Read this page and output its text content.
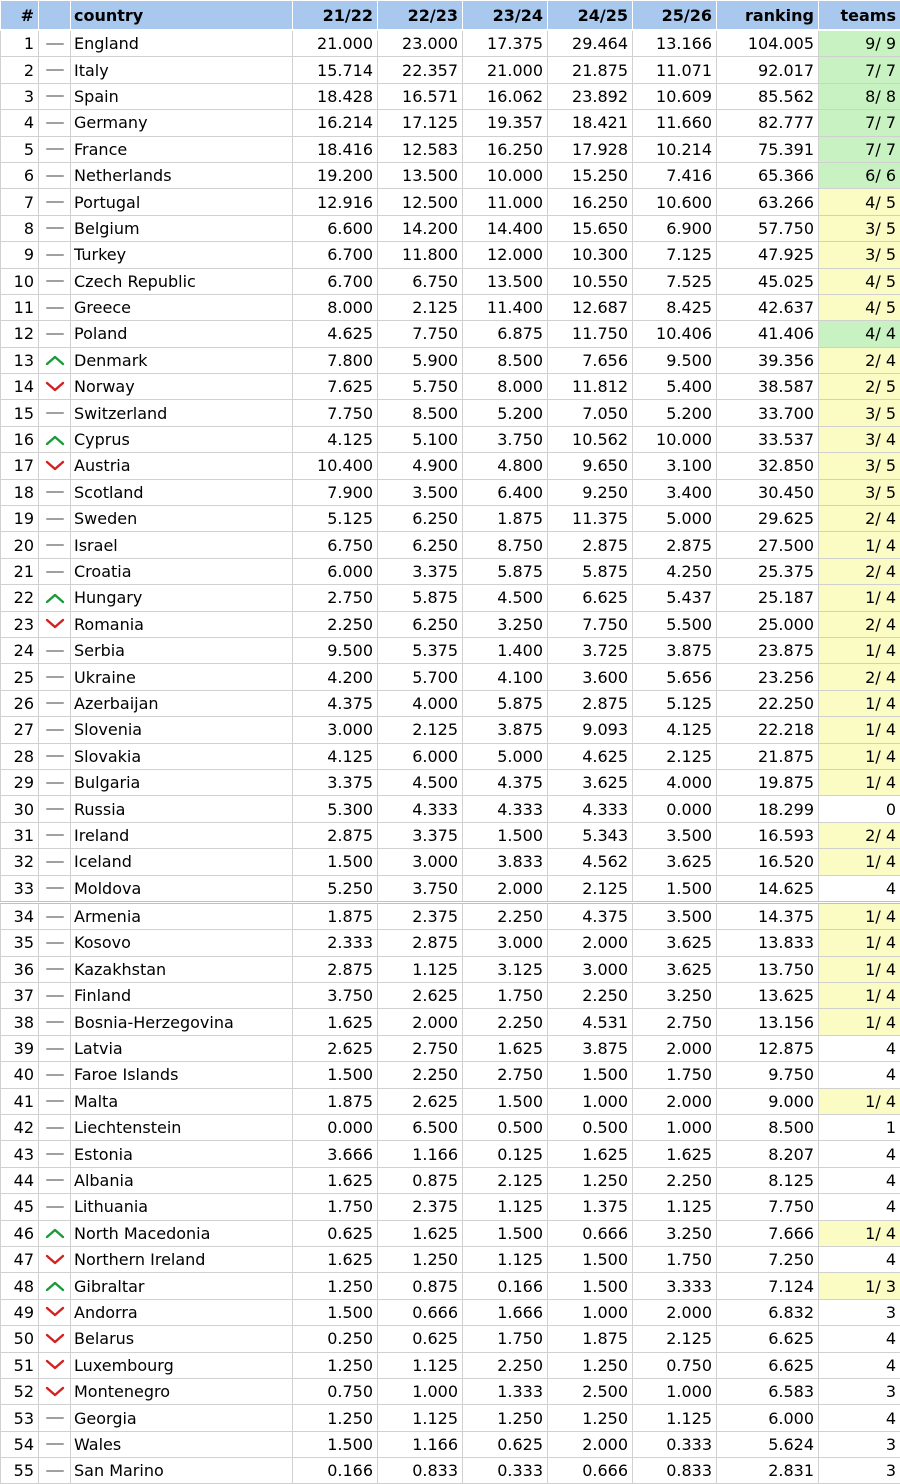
#		country	21/22	22/23	23/24	24/25	25/26	ranking	teams
1		England	21.000	23.000	17.375	29.464	13.166	104.005	9/ 9
2		Italy	15.714	22.357	21.000	21.875	11.071	92.017	7/ 7
3		Spain	18.428	16.571	16.062	23.892	10.609	85.562	8/ 8
4		Germany	16.214	17.125	19.357	18.421	11.660	82.777	7/ 7
5		France	18.416	12.583	16.250	17.928	10.214	75.391	7/ 7
6		Netherlands	19.200	13.500	10.000	15.250	7.416	65.366	6/ 6
7		Portugal	12.916	12.500	11.000	16.250	10.600	63.266	4/ 5
8		Belgium	6.600	14.200	14.400	15.650	6.900	57.750	3/ 5
9		Turkey	6.700	11.800	12.000	10.300	7.125	47.925	3/ 5
10		Czech Republic	6.700	6.750	13.500	10.550	7.525	45.025	4/ 5
11		Greece	8.000	2.125	11.400	12.687	8.425	42.637	4/ 5
12		Poland	4.625	7.750	6.875	11.750	10.406	41.406	4/ 4
13		Denmark	7.800	5.900	8.500	7.656	9.500	39.356	2/ 4
14		Norway	7.625	5.750	8.000	11.812	5.400	38.587	2/ 5
15		Switzerland	7.750	8.500	5.200	7.050	5.200	33.700	3/ 5
16		Cyprus	4.125	5.100	3.750	10.562	10.000	33.537	3/ 4
17		Austria	10.400	4.900	4.800	9.650	3.100	32.850	3/ 5
18		Scotland	7.900	3.500	6.400	9.250	3.400	30.450	3/ 5
19		Sweden	5.125	6.250	1.875	11.375	5.000	29.625	2/ 4
20		Israel	6.750	6.250	8.750	2.875	2.875	27.500	1/ 4
21		Croatia	6.000	3.375	5.875	5.875	4.250	25.375	2/ 4
22		Hungary	2.750	5.875	4.500	6.625	5.437	25.187	1/ 4
23		Romania	2.250	6.250	3.250	7.750	5.500	25.000	2/ 4
24		Serbia	9.500	5.375	1.400	3.725	3.875	23.875	1/ 4
25		Ukraine	4.200	5.700	4.100	3.600	5.656	23.256	2/ 4
26		Azerbaijan	4.375	4.000	5.875	2.875	5.125	22.250	1/ 4
27		Slovenia	3.000	2.125	3.875	9.093	4.125	22.218	1/ 4
28		Slovakia	4.125	6.000	5.000	4.625	2.125	21.875	1/ 4
29		Bulgaria	3.375	4.500	4.375	3.625	4.000	19.875	1/ 4
30		Russia	5.300	4.333	4.333	4.333	0.000	18.299	0
31		Ireland	2.875	3.375	1.500	5.343	3.500	16.593	2/ 4
32		Iceland	1.500	3.000	3.833	4.562	3.625	16.520	1/ 4
33		Moldova	5.250	3.750	2.000	2.125	1.500	14.625	4
34		Armenia	1.875	2.375	2.250	4.375	3.500	14.375	1/ 4
35		Kosovo	2.333	2.875	3.000	2.000	3.625	13.833	1/ 4
36		Kazakhstan	2.875	1.125	3.125	3.000	3.625	13.750	1/ 4
37		Finland	3.750	2.625	1.750	2.250	3.250	13.625	1/ 4
38		Bosnia-Herzegovina	1.625	2.000	2.250	4.531	2.750	13.156	1/ 4
39		Latvia	2.625	2.750	1.625	3.875	2.000	12.875	4
40		Faroe Islands	1.500	2.250	2.750	1.500	1.750	9.750	4
41		Malta	1.875	2.625	1.500	1.000	2.000	9.000	1/ 4
42		Liechtenstein	0.000	6.500	0.500	0.500	1.000	8.500	1
43		Estonia	3.666	1.166	0.125	1.625	1.625	8.207	4
44		Albania	1.625	0.875	2.125	1.250	2.250	8.125	4
45		Lithuania	1.750	2.375	1.125	1.375	1.125	7.750	4
46		North Macedonia	0.625	1.625	1.500	0.666	3.250	7.666	1/ 4
47		Northern Ireland	1.625	1.250	1.125	1.500	1.750	7.250	4
48		Gibraltar	1.250	0.875	0.166	1.500	3.333	7.124	1/ 3
49		Andorra	1.500	0.666	1.666	1.000	2.000	6.832	3
50		Belarus	0.250	0.625	1.750	1.875	2.125	6.625	4
51		Luxembourg	1.250	1.125	2.250	1.250	0.750	6.625	4
52		Montenegro	0.750	1.000	1.333	2.500	1.000	6.583	3
53		Georgia	1.250	1.125	1.250	1.250	1.125	6.000	4
54		Wales	1.500	1.166	0.625	2.000	0.333	5.624	3
55		San Marino	0.166	0.833	0.333	0.666	0.833	2.831	3
